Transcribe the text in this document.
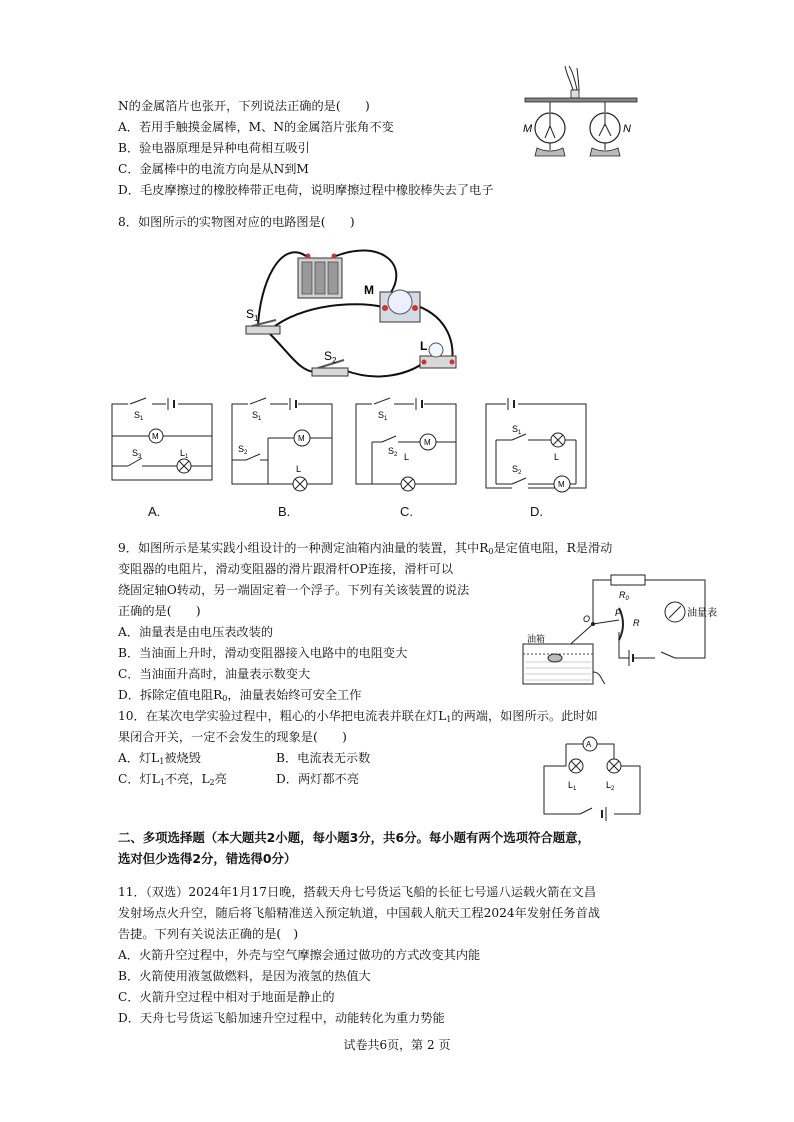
N的金属箔片也张开，下列说法正确的是(　　)
A．若用手触摸金属棒，M、N的金属箔片张角不变
B．验电器原理是异种电荷相互吸引
C．金属棒中的电流方向是从N到M
D．毛皮摩擦过的橡胶棒带正电荷，说明摩擦过程中橡胶棒失去了电子
M	N
8．如图所示的实物图对应的电路图是(　　)
M
$S_1$
$S_2$
L
$S_1$
M
$S_3$	$L_1$
$S_1$
$S_2$
M
L
$S_1$
$S_2$
M
L
$S_1$
L
$S_2$
M
A.	B.	C.	D.
9．如图所示是某实践小组设计的一种测定油箱内油量的装置，其中$R_0$是定值电阻，R是滑动
变阻器的电阻片，滑动变阻器的滑片跟滑杆OP连接，滑杆可以
绕固定轴O转动，另一端固定着一个浮子。下列有关该装置的说法
正确的是(　　)
A．油量表是由电压表改装的
B．当油面上升时，滑动变阻器接入电路中的电阻变大
C．当油面升高时，油量表示数变大
D．拆除定值电阻$R_0$，油量表始终可安全工作
$R_0$
油量表
R
O
P
油箱
10．在某次电学实验过程中，粗心的小华把电流表并联在灯$L_1$的两端，如图所示。此时如
果闭合开关，一定不会发生的现象是(　　)
A．灯$L_1$被烧毁	B．电流表无示数
C．灯$L_1$不亮，$L_2$亮	D．两灯都不亮
A
$L_1$	$L_2$
二、多项选择题（本大题共2小题，每小题3分，共6分。每小题有两个选项符合题意，
选对但少选得2分，错选得0分）
11．（双选）2024年1月17日晚，搭载天舟七号货运飞船的长征七号遥八运载火箭在文昌
发射场点火升空，随后将飞船精准送入预定轨道，中国载人航天工程2024年发射任务首战
告捷。下列有关说法正确的是(　)
A．火箭升空过程中，外壳与空气摩擦会通过做功的方式改变其内能
B．火箭使用液氢做燃料，是因为液氢的热值大
C．火箭升空过程中相对于地面是静止的
D．天舟七号货运飞船加速升空过程中，动能转化为重力势能
试卷共6页，第 2 页
